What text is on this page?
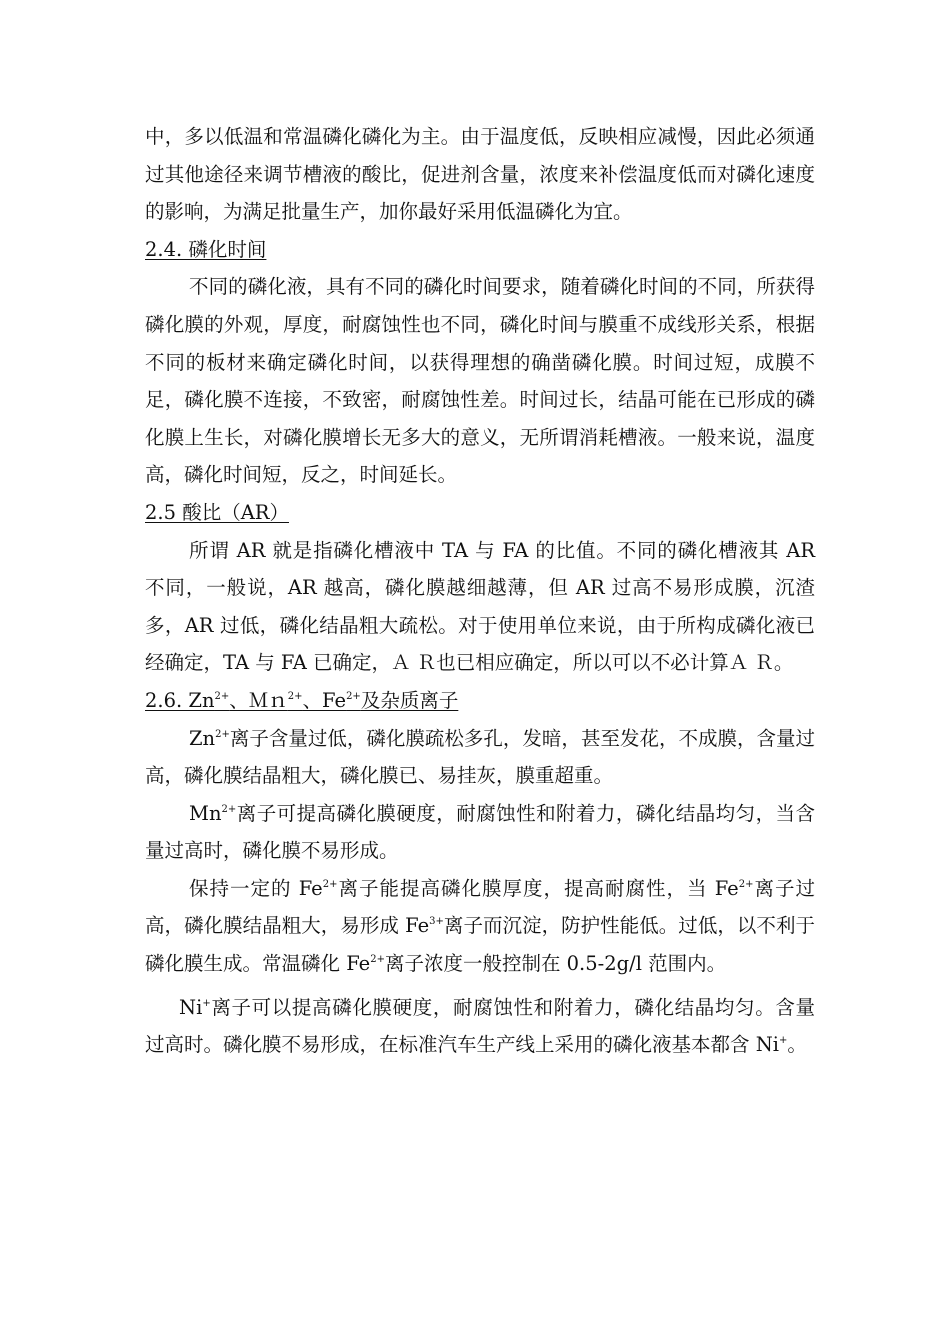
中，多以低温和常温磷化磷化为主。由于温度低，反映相应减慢，因此必须通过其他途径来调节槽液的酸比，促进剂含量，浓度来补偿温度低而对磷化速度的影响，为满足批量生产，加你最好采用低温磷化为宜。

2.4. 磷化时间

不同的磷化液，具有不同的磷化时间要求，随着磷化时间的不同，所获得磷化膜的外观，厚度，耐腐蚀性也不同，磷化时间与膜重不成线形关系，根据不同的板材来确定磷化时间，以获得理想的确凿磷化膜。时间过短，成膜不足，磷化膜不连接，不致密，耐腐蚀性差。时间过长，结晶可能在已形成的磷化膜上生长，对磷化膜增长无多大的意义，无所谓消耗槽液。一般来说，温度高，磷化时间短，反之，时间延长。

2.5 酸比（AR）

所谓 AR 就是指磷化槽液中 TA 与 FA 的比值。不同的磷化槽液其 AR 不同，一般说，AR 越高，磷化膜越细越薄，但 AR 过高不易形成膜，沉渣多，AR 过低，磷化结晶粗大疏松。对于使用单位来说，由于所构成磷化液已经确定，TA 与 FA 已确定，Ａ Ｒ也已相应确定，所以可以不必计算Ａ Ｒ。

2.6. $Zn^{2+}$、Ｍｎ$^{2+}$、$Fe^{2+}$及杂质离子

$Zn^{2+}$离子含量过低，磷化膜疏松多孔，发暗，甚至发花，不成膜，含量过高，磷化膜结晶粗大，磷化膜已、易挂灰，膜重超重。

$Mn^{2+}$离子可提高磷化膜硬度，耐腐蚀性和附着力，磷化结晶均匀，当含量过高时，磷化膜不易形成。

保持一定的 $Fe^{2+}$离子能提高磷化膜厚度，提高耐腐性，当 $Fe^{2+}$离子过高，磷化膜结晶粗大，易形成 $Fe^{3+}$离子而沉淀，防护性能低。过低，以不利于磷化膜生成。常温磷化 $Fe^{2+}$离子浓度一般控制在 0.5-2g/l 范围内。

Ni+离子可以提高磷化膜硬度，耐腐蚀性和附着力，磷化结晶均匀。含量过高时。磷化膜不易形成，在标准汽车生产线上采用的磷化液基本都含 Ni+。
